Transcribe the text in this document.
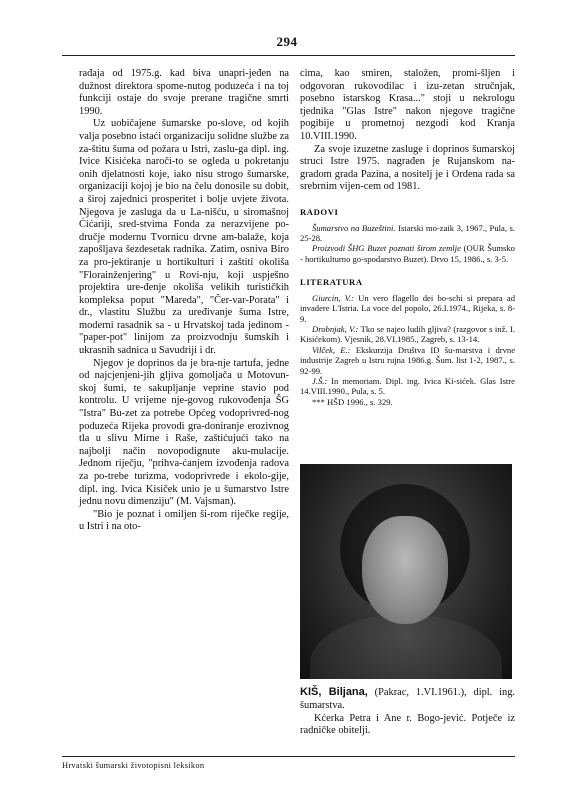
294

rađaja od 1975.g. kad biva unapri-jeđen na dužnost direktora spome-nutog poduzeća i na toj funkciji ostaje do svoje prerane tragične smrti 1990.

Uz uobičajene šumarske po-slove, od kojih valja posebno istaći organizaciju solidne službe za za-štitu šuma od požara u Istri, zaslu-ga dipl. ing. Ivice Kisićeka naroči-to se ogleda u pokretanju onih djelatnosti koje, iako nisu strogo šumarske, organizaciji kojoj je bio na čelu donosile su dobit, a široj zajednici prosperitet i bolje uvjete života. Njegova je zasluga da u La-nišću, u siromašnoj Ćićariji, sred-stvima Fonda za nerazvijene po-dručje modernu Tvornicu drvne am-balaže, koja zapošljava šezdesetak radnika. Zatim, osniva Biro za pro-jektiranje u hortikulturi i zaštiti okoliša "Florainženjering" u Rovi-nju, koji uspješno projektira ure-đenje okoliša velikih turističkih kompleksa poput "Mareda", "Čer-var-Porata" i dr., vlastitu Službu za uređivanje šuma Istre, moderni rasadnik sa - u Hrvatskoj tada jedinom - "paper-pot" linijom za proizvodnju šumskih i ukrasnih sadnica u Savudriji i dr.

Njegov je doprinos da je bra-nje tartufa, jedne od najcjenjeni-jih gljiva gomoljača u Motovun-skoj šumi, te sakupljanje veprine stavio pod kontrolu. U vrijeme nje-govog rukovođenja ŠG "Istra" Bu-zet za potrebe Općeg vodoprivred-nog poduzeća Rijeka provodi gra-doniranje erozivnog tla u slivu Mirne i Raše, zaštićujući tako na najbolji način novopodignute aku-mulacije. Jednom riječju, "prihva-ćanjem izvođenja radova za po-trebe turizma, vodoprivrede i ekolo-gije, dipl. ing. Ivica Kisiček unio je u šumarstvo Istre jednu novu dimenziju" (M. Vajsman).

"Bio je poznat i omiljen ši-rom riječke regije, u Istri i na oto-

cima, kao smiren, staložen, promi-šljen i odgovoran rukovodilac i izu-zetan stručnjak, posebno istarskog Krasa..." stoji u nekrologu tjednika "Glas Istre" nakon njegove tragične pogibije u prometnoj nezgodi kod Kranja 10.VIII.1990.

Za svoje izuzetne zasluge i doprinos šumarskoj struci Istre 1975. nagrađen je Rujanskom na-gradom grada Pazina, a nositelj je i Ordena rada sa srebrnim vijen-cem od 1981.

RADOVI

Šumarstvo na Buzeštini. Istarski mo-zaik 3, 1967., Pula, s. 25-28.

Proizvodi ŠHG Buzet poznati širom zemlje (OUR Šumsko - hortikulturno go-spodarstvo Buzet). Drvo 15, 1986., s. 3-5.

LITERATURA

Giurcin, V.: Un vero flagello dei bo-schi si prepara ad invadere L'Istria. La voce del popolo, 26.I.1974., Rijeka, s. 8-9.

Drobnjak, V.: Tko se najeo ludih gljiva? (razgovor s inž. I. Kisićekom). Vjesnik, 28.VI.1985., Zagreb, s. 13-14.

Vilček, E.: Ekskurzija Društva ID šu-marstva i drvne industrije Zagreb u Istru rujna 1986.g. Šum. list 1-2, 1987., s. 92-99.

J.Š.: In memoriam. Dipl. ing. Ivica Ki-sićek. Glas Istre 14.VIII.1990., Pula, s. 5.

*** HŠD 1996., s. 329.

KIŠ, Biljana, (Pakrac, 1.VI.1961.), dipl. ing. šumarstva.

Kćerka Petra i Ane r. Bogo-jević. Potječe iz radničke obitelji.

Hrvatski šumarski životopisni leksikon
